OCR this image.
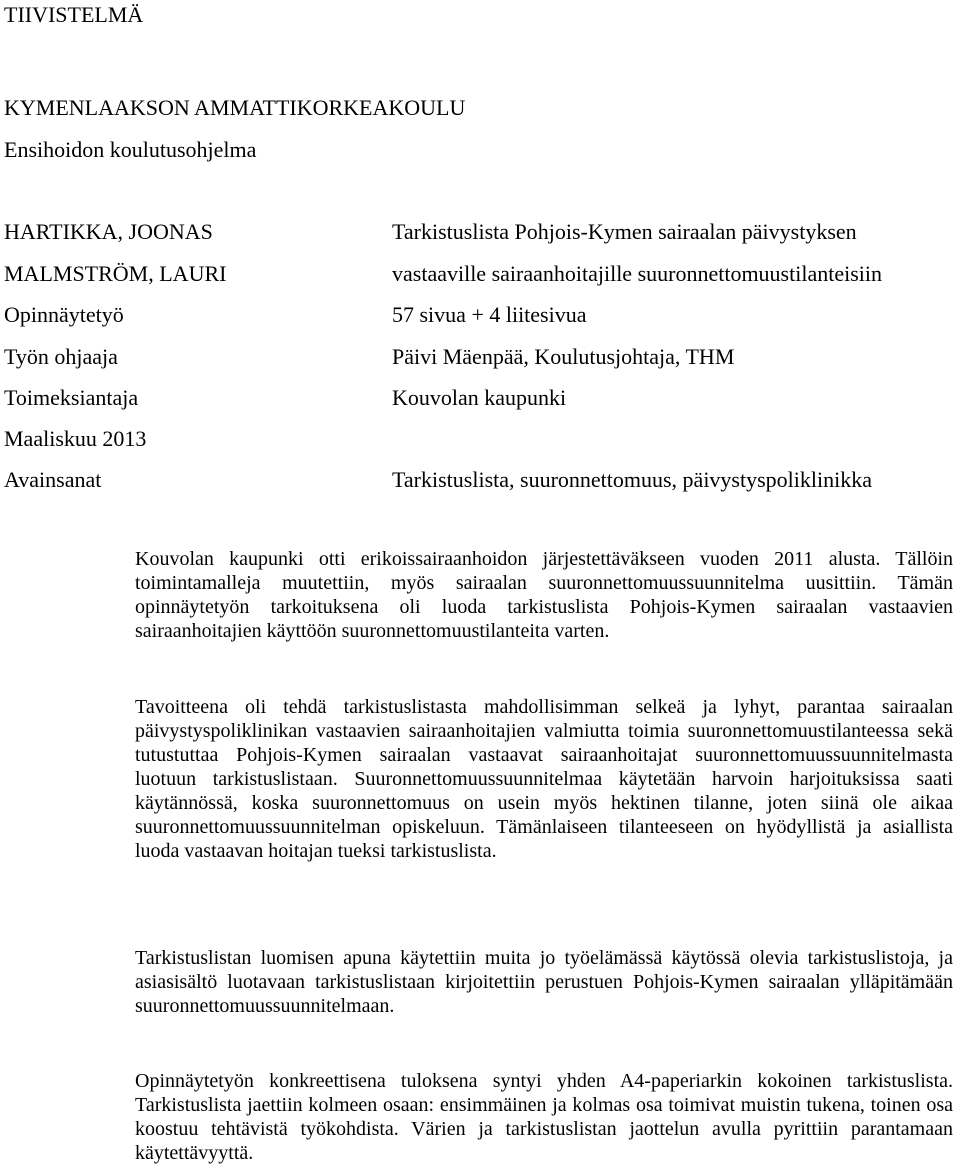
TIIVISTELMÄ
KYMENLAAKSON AMMATTIKORKEAKOULU
Ensihoidon koulutusohjelma
HARTIKKA, JOONAS	Tarkistuslista Pohjois-Kymen sairaalan päivystyksen
MALMSTRÖM, LAURI	vastaaville sairaanhoitajille suuronnettomuustilanteisiin
Opinnäytetyö	57 sivua + 4 liitesivua
Työn ohjaaja	Päivi Mäenpää, Koulutusjohtaja, THM
Toimeksiantaja	Kouvolan kaupunki
Maaliskuu 2013
Avainsanat	Tarkistuslista, suuronnettomuus, päivystyspoliklinikka

Kouvolan kaupunki otti erikoissairaanhoidon järjestettäväkseen vuoden 2011 alusta. Tällöin toimintamalleja muutettiin, myös sairaalan suuronnettomuussuunnitelma uusittiin. Tämän opinnäytetyön tarkoituksena oli luoda tarkistuslista Pohjois-Kymen sairaalan vastaavien sairaanhoitajien käyttöön suuronnettomuustilanteita varten.

Tavoitteena oli tehdä tarkistuslistasta mahdollisimman selkeä ja lyhyt, parantaa sairaalan päivystyspoliklinikan vastaavien sairaanhoitajien valmiutta toimia suuronnettomuustilanteessa sekä tutustuttaa Pohjois-Kymen sairaalan vastaavat sairaanhoitajat suuronnettomuussuunnitelmasta luotuun tarkistuslistaan. Suuronnettomuussuunnitelmaa käytetään harvoin harjoituksissa saati käytännössä, koska suuronnettomuus on usein myös hektinen tilanne, joten siinä ole aikaa suuronnettomuussuunnitelman opiskeluun. Tämänlaiseen tilanteeseen on hyödyllistä ja asiallista luoda vastaavan hoitajan tueksi tarkistuslista.

Tarkistuslistan luomisen apuna käytettiin muita jo työelämässä käytössä olevia tarkistuslistoja, ja asiasisältö luotavaan tarkistuslistaan kirjoitettiin perustuen Pohjois-Kymen sairaalan ylläpitämään suuronnettomuussuunnitelmaan.

Opinnäytetyön konkreettisena tuloksena syntyi yhden A4-paperiarkin kokoinen tarkistuslista. Tarkistuslista jaettiin kolmeen osaan: ensimmäinen ja kolmas osa toimivat muistin tukena, toinen osa koostuu tehtävistä työkohdista. Värien ja tarkistuslistan jaottelun avulla pyrittiin parantamaan käytettävyyttä.
